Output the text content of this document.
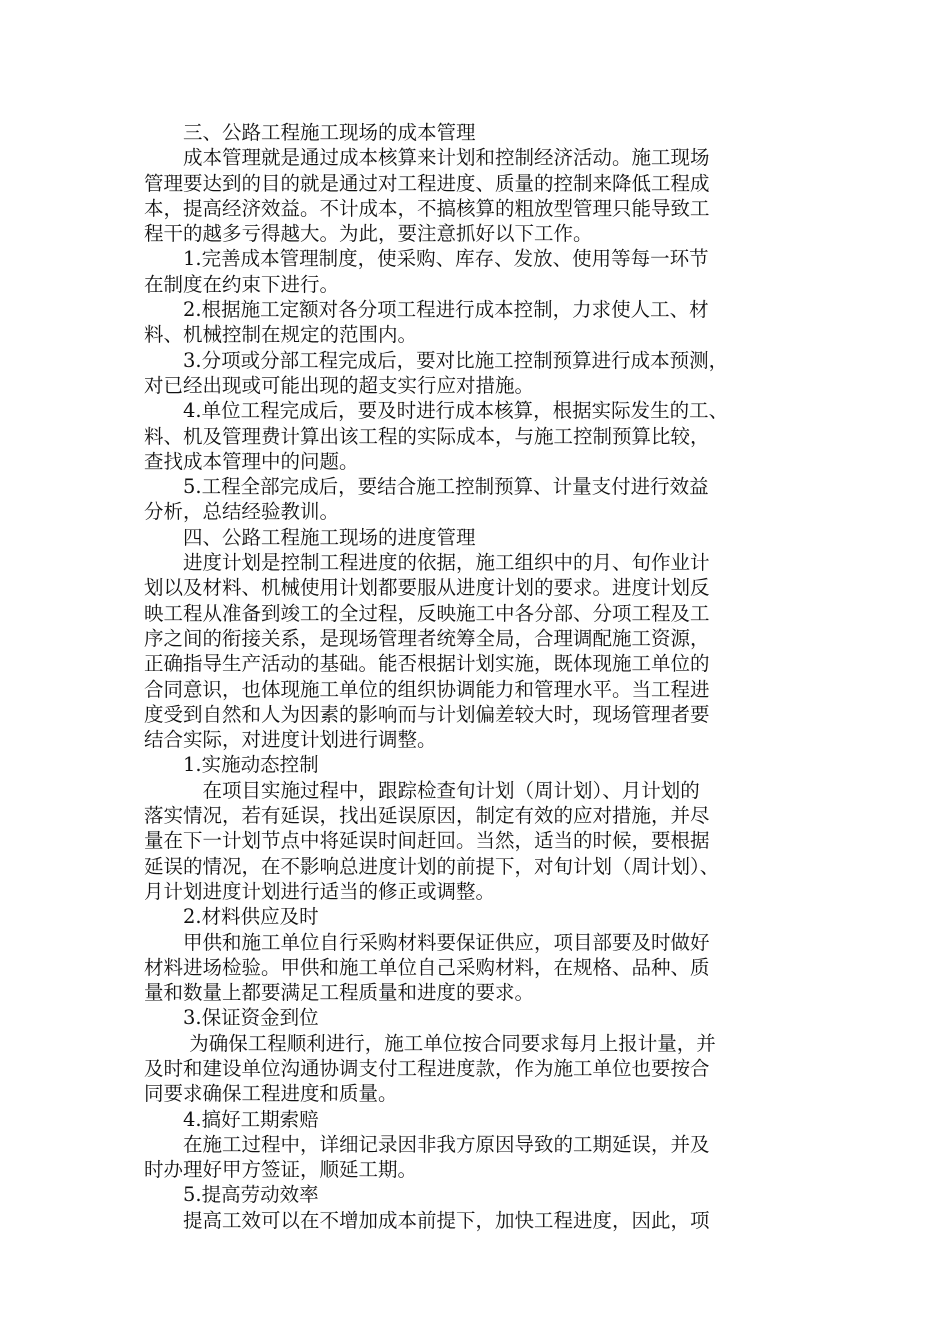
　　三、公路工程施工现场的成本管理
　　成本管理就是通过成本核算来计划和控制经济活动。施工现场
管理要达到的目的就是通过对工程进度、质量的控制来降低工程成
本，提高经济效益。不计成本，不搞核算的粗放型管理只能导致工
程干的越多亏得越大。为此，要注意抓好以下工作。
　　1.完善成本管理制度，使采购、库存、发放、使用等每一环节
在制度在约束下进行。
　　2.根据施工定额对各分项工程进行成本控制，力求使人工、材
料、机械控制在规定的范围内。
　　3.分项或分部工程完成后，要对比施工控制预算进行成本预测，
对已经出现或可能出现的超支实行应对措施。
　　4.单位工程完成后，要及时进行成本核算，根据实际发生的工、
料、机及管理费计算出该工程的实际成本，与施工控制预算比较，
查找成本管理中的问题。
　　5.工程全部完成后，要结合施工控制预算、计量支付进行效益
分析，总结经验教训。
　　四、公路工程施工现场的进度管理
　　进度计划是控制工程进度的依据，施工组织中的月、旬作业计
划以及材料、机械使用计划都要服从进度计划的要求。进度计划反
映工程从准备到竣工的全过程，反映施工中各分部、分项工程及工
序之间的衔接关系，是现场管理者统筹全局，合理调配施工资源，
正确指导生产活动的基础。能否根据计划实施，既体现施工单位的
合同意识，也体现施工单位的组织协调能力和管理水平。当工程进
度受到自然和人为因素的影响而与计划偏差较大时，现场管理者要
结合实际，对进度计划进行调整。
　　1.实施动态控制
　　　在项目实施过程中，跟踪检查旬计划（周计划）、月计划的
落实情况，若有延误，找出延误原因，制定有效的应对措施，并尽
量在下一计划节点中将延误时间赶回。当然，适当的时候，要根据
延误的情况，在不影响总进度计划的前提下，对旬计划（周计划）、
月计划进度计划进行适当的修正或调整。
　　2.材料供应及时
　　甲供和施工单位自行采购材料要保证供应，项目部要及时做好
材料进场检验。甲供和施工单位自己采购材料，在规格、品种、质
量和数量上都要满足工程质量和进度的要求。
　　3.保证资金到位
　　 为确保工程顺利进行，施工单位按合同要求每月上报计量，并
及时和建设单位沟通协调支付工程进度款，作为施工单位也要按合
同要求确保工程进度和质量。
　　4.搞好工期索赔
　　在施工过程中，详细记录因非我方原因导致的工期延误，并及
时办理好甲方签证，顺延工期。
　　5.提高劳动效率
　　提高工效可以在不增加成本前提下，加快工程进度，因此，项
